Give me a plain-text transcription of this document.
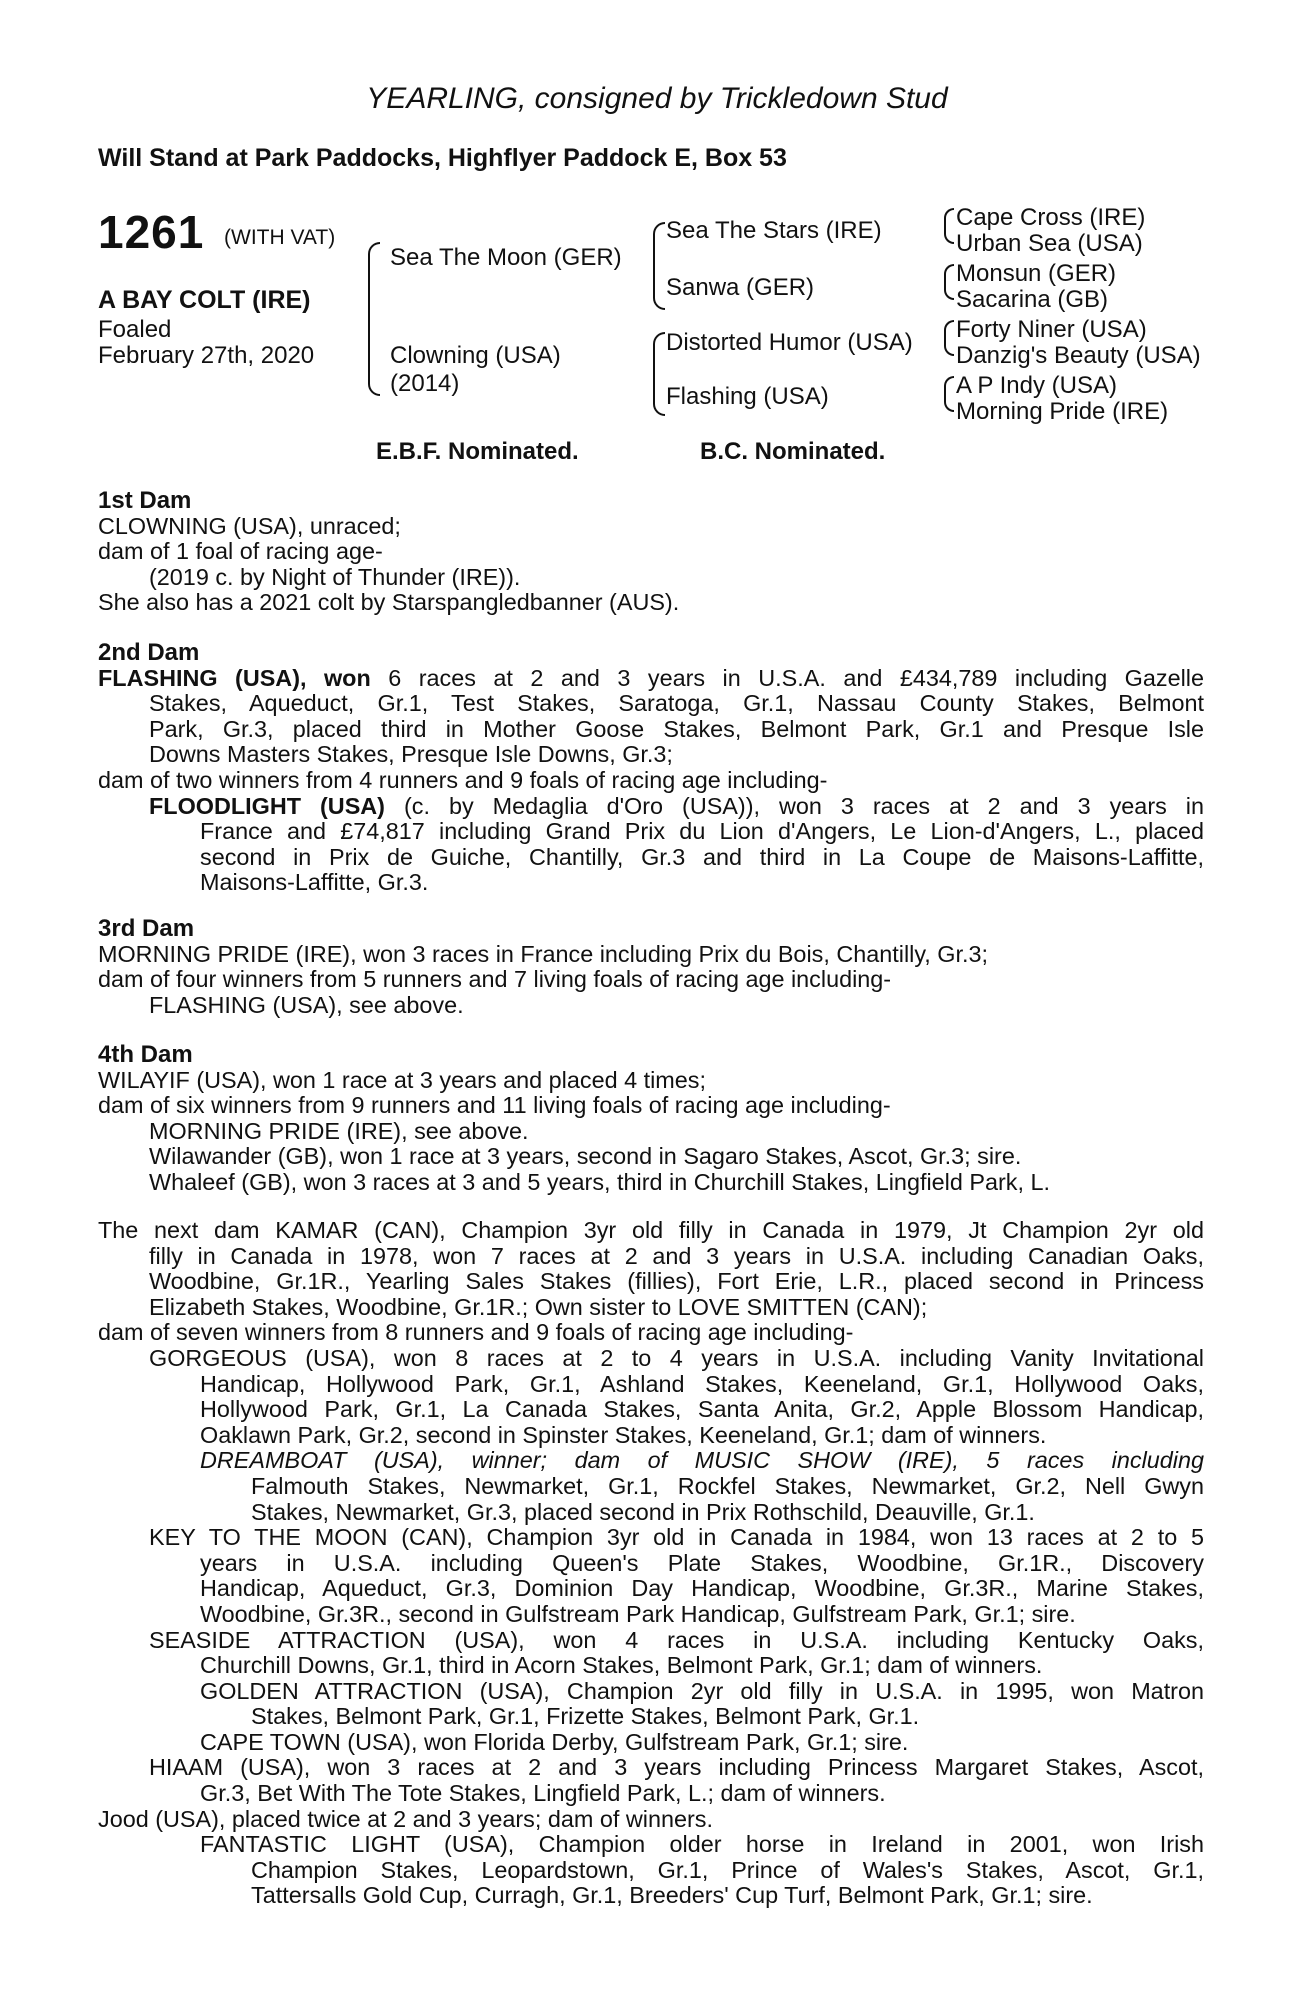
YEARLING, consigned by Trickledown Stud
Will Stand at Park Paddocks, Highflyer Paddock E, Box 53
1261 (WITH VAT)
A BAY COLT (IRE)
Foaled
February 27th, 2020
Sea The Moon (GER)
Clowning (USA)
(2014)
Sea The Stars (IRE)
Sanwa (GER)
Distorted Humor (USA)
Flashing (USA)
Cape Cross (IRE)
Urban Sea (USA)
Monsun (GER)
Sacarina (GB)
Forty Niner (USA)
Danzig's Beauty (USA)
A P Indy (USA)
Morning Pride (IRE)
E.B.F. Nominated.	B.C. Nominated.
1st Dam
CLOWNING (USA), unraced;
dam of 1 foal of racing age-
(2019 c. by Night of Thunder (IRE)).
She also has a 2021 colt by Starspangledbanner (AUS).
2nd Dam
FLASHING (USA), won 6 races at 2 and 3 years in U.S.A. and £434,789 including Gazelle
Stakes, Aqueduct, Gr.1, Test Stakes, Saratoga, Gr.1, Nassau County Stakes, Belmont
Park, Gr.3, placed third in Mother Goose Stakes, Belmont Park, Gr.1 and Presque Isle
Downs Masters Stakes, Presque Isle Downs, Gr.3;
dam of two winners from 4 runners and 9 foals of racing age including-
FLOODLIGHT (USA) (c. by Medaglia d'Oro (USA)), won 3 races at 2 and 3 years in
France and £74,817 including Grand Prix du Lion d'Angers, Le Lion-d'Angers, L., placed
second in Prix de Guiche, Chantilly, Gr.3 and third in La Coupe de Maisons-Laffitte,
Maisons-Laffitte, Gr.3.
3rd Dam
MORNING PRIDE (IRE), won 3 races in France including Prix du Bois, Chantilly, Gr.3;
dam of four winners from 5 runners and 7 living foals of racing age including-
FLASHING (USA), see above.
4th Dam
WILAYIF (USA), won 1 race at 3 years and placed 4 times;
dam of six winners from 9 runners and 11 living foals of racing age including-
MORNING PRIDE (IRE), see above.
Wilawander (GB), won 1 race at 3 years, second in Sagaro Stakes, Ascot, Gr.3; sire.
Whaleef (GB), won 3 races at 3 and 5 years, third in Churchill Stakes, Lingfield Park, L.
The next dam KAMAR (CAN), Champion 3yr old filly in Canada in 1979, Jt Champion 2yr old
filly in Canada in 1978, won 7 races at 2 and 3 years in U.S.A. including Canadian Oaks,
Woodbine, Gr.1R., Yearling Sales Stakes (fillies), Fort Erie, L.R., placed second in Princess
Elizabeth Stakes, Woodbine, Gr.1R.; Own sister to LOVE SMITTEN (CAN);
dam of seven winners from 8 runners and 9 foals of racing age including-
GORGEOUS (USA), won 8 races at 2 to 4 years in U.S.A. including Vanity Invitational
Handicap, Hollywood Park, Gr.1, Ashland Stakes, Keeneland, Gr.1, Hollywood Oaks,
Hollywood Park, Gr.1, La Canada Stakes, Santa Anita, Gr.2, Apple Blossom Handicap,
Oaklawn Park, Gr.2, second in Spinster Stakes, Keeneland, Gr.1; dam of winners.
DREAMBOAT (USA), winner; dam of MUSIC SHOW (IRE), 5 races including
Falmouth Stakes, Newmarket, Gr.1, Rockfel Stakes, Newmarket, Gr.2, Nell Gwyn
Stakes, Newmarket, Gr.3, placed second in Prix Rothschild, Deauville, Gr.1.
KEY TO THE MOON (CAN), Champion 3yr old in Canada in 1984, won 13 races at 2 to 5
years in U.S.A. including Queen's Plate Stakes, Woodbine, Gr.1R., Discovery
Handicap, Aqueduct, Gr.3, Dominion Day Handicap, Woodbine, Gr.3R., Marine Stakes,
Woodbine, Gr.3R., second in Gulfstream Park Handicap, Gulfstream Park, Gr.1; sire.
SEASIDE ATTRACTION (USA), won 4 races in U.S.A. including Kentucky Oaks,
Churchill Downs, Gr.1, third in Acorn Stakes, Belmont Park, Gr.1; dam of winners.
GOLDEN ATTRACTION (USA), Champion 2yr old filly in U.S.A. in 1995, won Matron
Stakes, Belmont Park, Gr.1, Frizette Stakes, Belmont Park, Gr.1.
CAPE TOWN (USA), won Florida Derby, Gulfstream Park, Gr.1; sire.
HIAAM (USA), won 3 races at 2 and 3 years including Princess Margaret Stakes, Ascot,
Gr.3, Bet With The Tote Stakes, Lingfield Park, L.; dam of winners.
Jood (USA), placed twice at 2 and 3 years; dam of winners.
FANTASTIC LIGHT (USA), Champion older horse in Ireland in 2001, won Irish
Champion Stakes, Leopardstown, Gr.1, Prince of Wales's Stakes, Ascot, Gr.1,
Tattersalls Gold Cup, Curragh, Gr.1, Breeders' Cup Turf, Belmont Park, Gr.1; sire.
